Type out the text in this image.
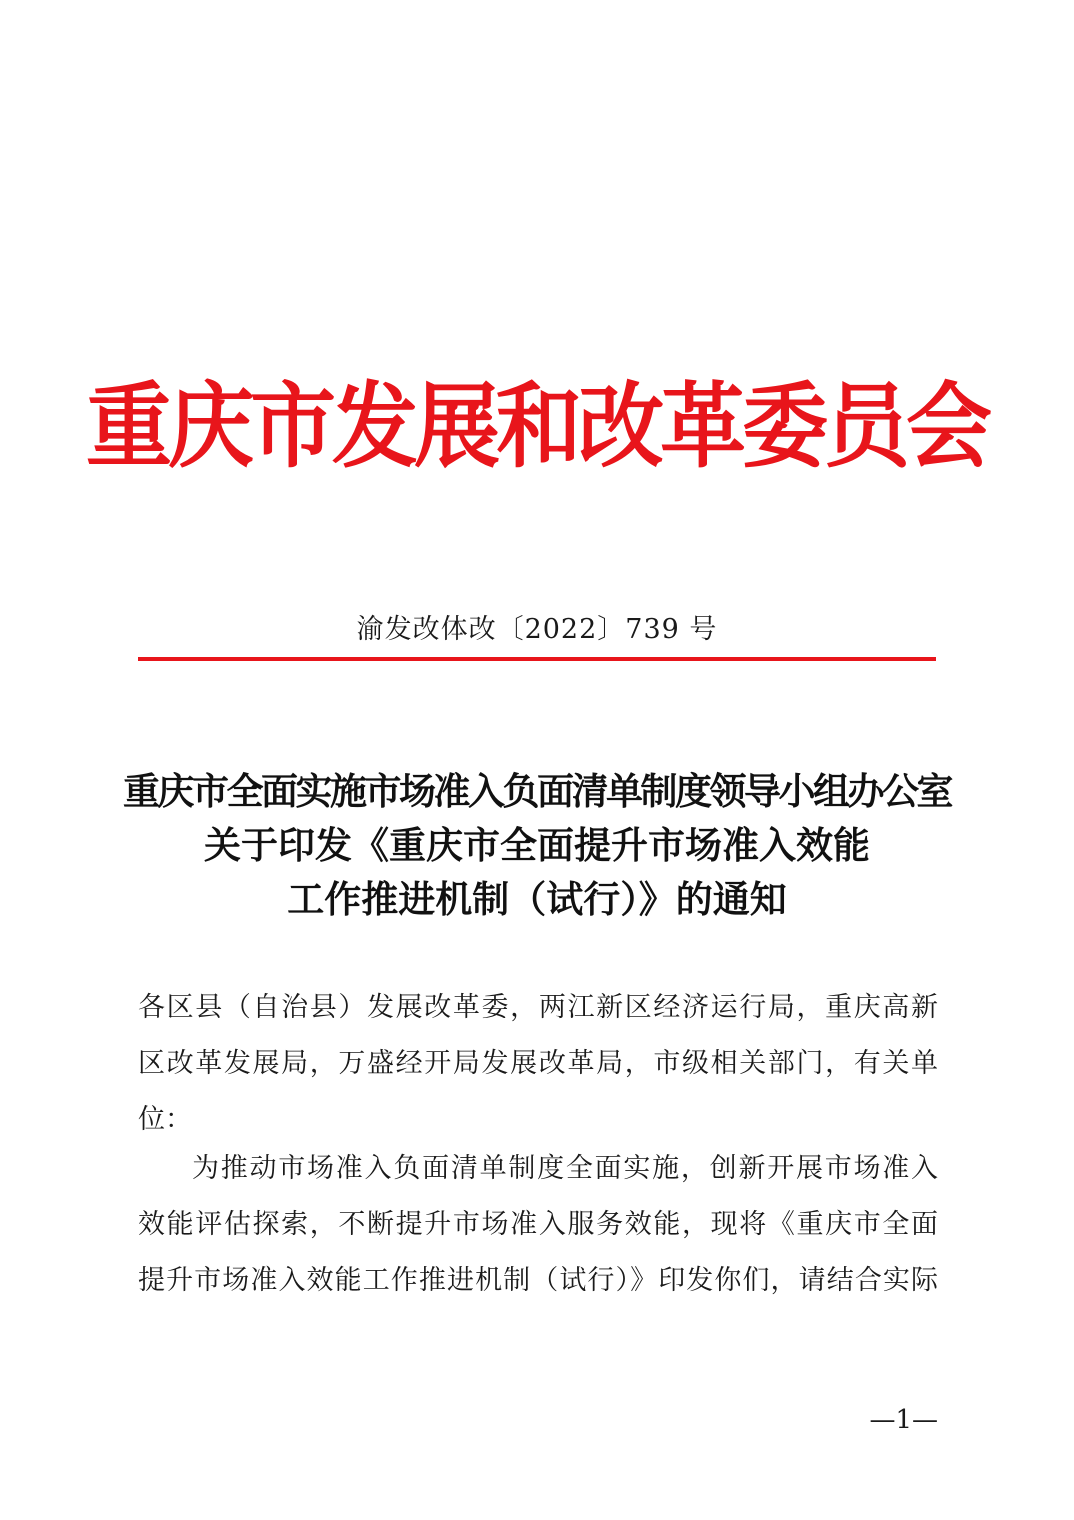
重庆市发展和改革委员会
渝发改体改〔2022〕739 号
重庆市全面实施市场准入负面清单制度领导小组办公室
关于印发《重庆市全面提升市场准入效能
工作推进机制（试行）》的通知
各区县（自治县）发展改革委，两江新区经济运行局，重庆高新
区改革发展局，万盛经开局发展改革局，市级相关部门，有关单
位：
为推动市场准入负面清单制度全面实施，创新开展市场准入
效能评估探索，不断提升市场准入服务效能，现将《重庆市全面
提升市场准入效能工作推进机制（试行）》印发你们，请结合实际
—1—
